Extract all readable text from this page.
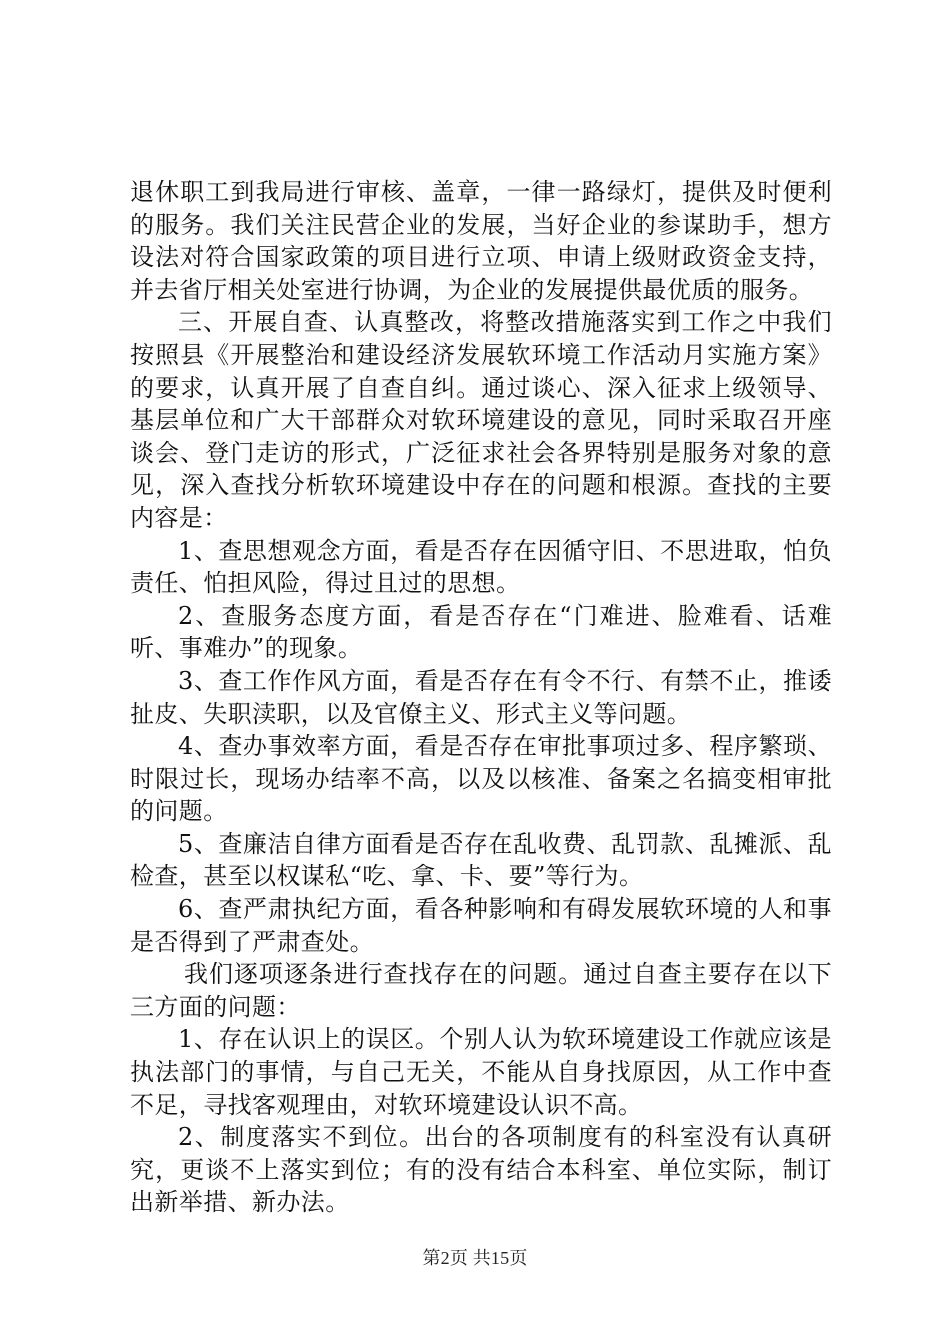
退休职工到我局进行审核、盖章，一律一路绿灯，提供及时便利的服务。我们关注民营企业的发展，当好企业的参谋助手，想方设法对符合国家政策的项目进行立项、申请上级财政资金支持，并去省厅相关处室进行协调，为企业的发展提供最优质的服务。

三、开展自查、认真整改，将整改措施落实到工作之中我们按照县《开展整治和建设经济发展软环境工作活动月实施方案》的要求，认真开展了自查自纠。通过谈心、深入征求上级领导、基层单位和广大干部群众对软环境建设的意见，同时采取召开座谈会、登门走访的形式，广泛征求社会各界特别是服务对象的意见，深入查找分析软环境建设中存在的问题和根源。查找的主要内容是：

1、查思想观念方面，看是否存在因循守旧、不思进取，怕负责任、怕担风险，得过且过的思想。

2、查服务态度方面，看是否存在“门难进、脸难看、话难听、事难办”的现象。

3、查工作作风方面，看是否存在有令不行、有禁不止，推诿扯皮、失职渎职，以及官僚主义、形式主义等问题。

4、查办事效率方面，看是否存在审批事项过多、程序繁琐、时限过长，现场办结率不高，以及以核准、备案之名搞变相审批的问题。

5、查廉洁自律方面看是否存在乱收费、乱罚款、乱摊派、乱检查，甚至以权谋私“吃、拿、卡、要”等行为。

6、查严肃执纪方面，看各种影响和有碍发展软环境的人和事是否得到了严肃查处。

我们逐项逐条进行查找存在的问题。通过自查主要存在以下三方面的问题：

1、存在认识上的误区。个别人认为软环境建设工作就应该是执法部门的事情，与自己无关，不能从自身找原因，从工作中查不足，寻找客观理由，对软环境建设认识不高。

2、制度落实不到位。出台的各项制度有的科室没有认真研究，更谈不上落实到位；有的没有结合本科室、单位实际，制订出新举措、新办法。

第2页 共15页
